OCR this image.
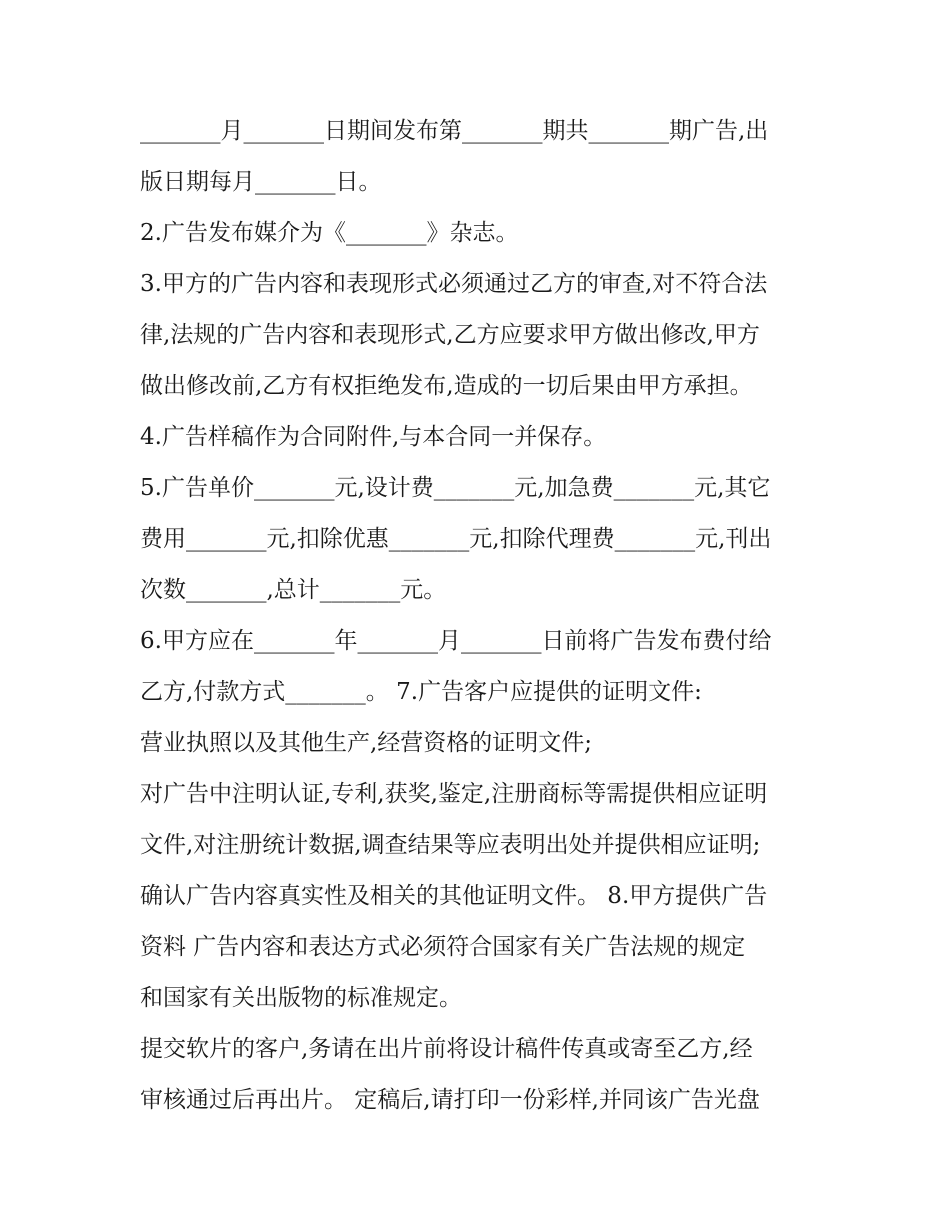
_______月_______日期间发布第_______期共_______期广告,出
版日期每月_______日。
2.广告发布媒介为《_______》杂志。
3.甲方的广告内容和表现形式必须通过乙方的审查,对不符合法
律,法规的广告内容和表现形式,乙方应要求甲方做出修改,甲方
做出修改前,乙方有权拒绝发布,造成的一切后果由甲方承担。
4.广告样稿作为合同附件,与本合同一并保存。
5.广告单价_______元,设计费_______元,加急费_______元,其它
费用_______元,扣除优惠_______元,扣除代理费_______元,刊出
次数_______,总计_______元。
6.甲方应在_______年_______月_______日前将广告发布费付给
乙方,付款方式_______。 7.广告客户应提供的证明文件:
营业执照以及其他生产,经营资格的证明文件;
对广告中注明认证,专利,获奖,鉴定,注册商标等需提供相应证明
文件,对注册统计数据,调查结果等应表明出处并提供相应证明;
确认广告内容真实性及相关的其他证明文件。 8.甲方提供广告
资料 广告内容和表达方式必须符合国家有关广告法规的规定
和国家有关出版物的标准规定。
提交软片的客户,务请在出片前将设计稿件传真或寄至乙方,经
审核通过后再出片。 定稿后,请打印一份彩样,并同该广告光盘
